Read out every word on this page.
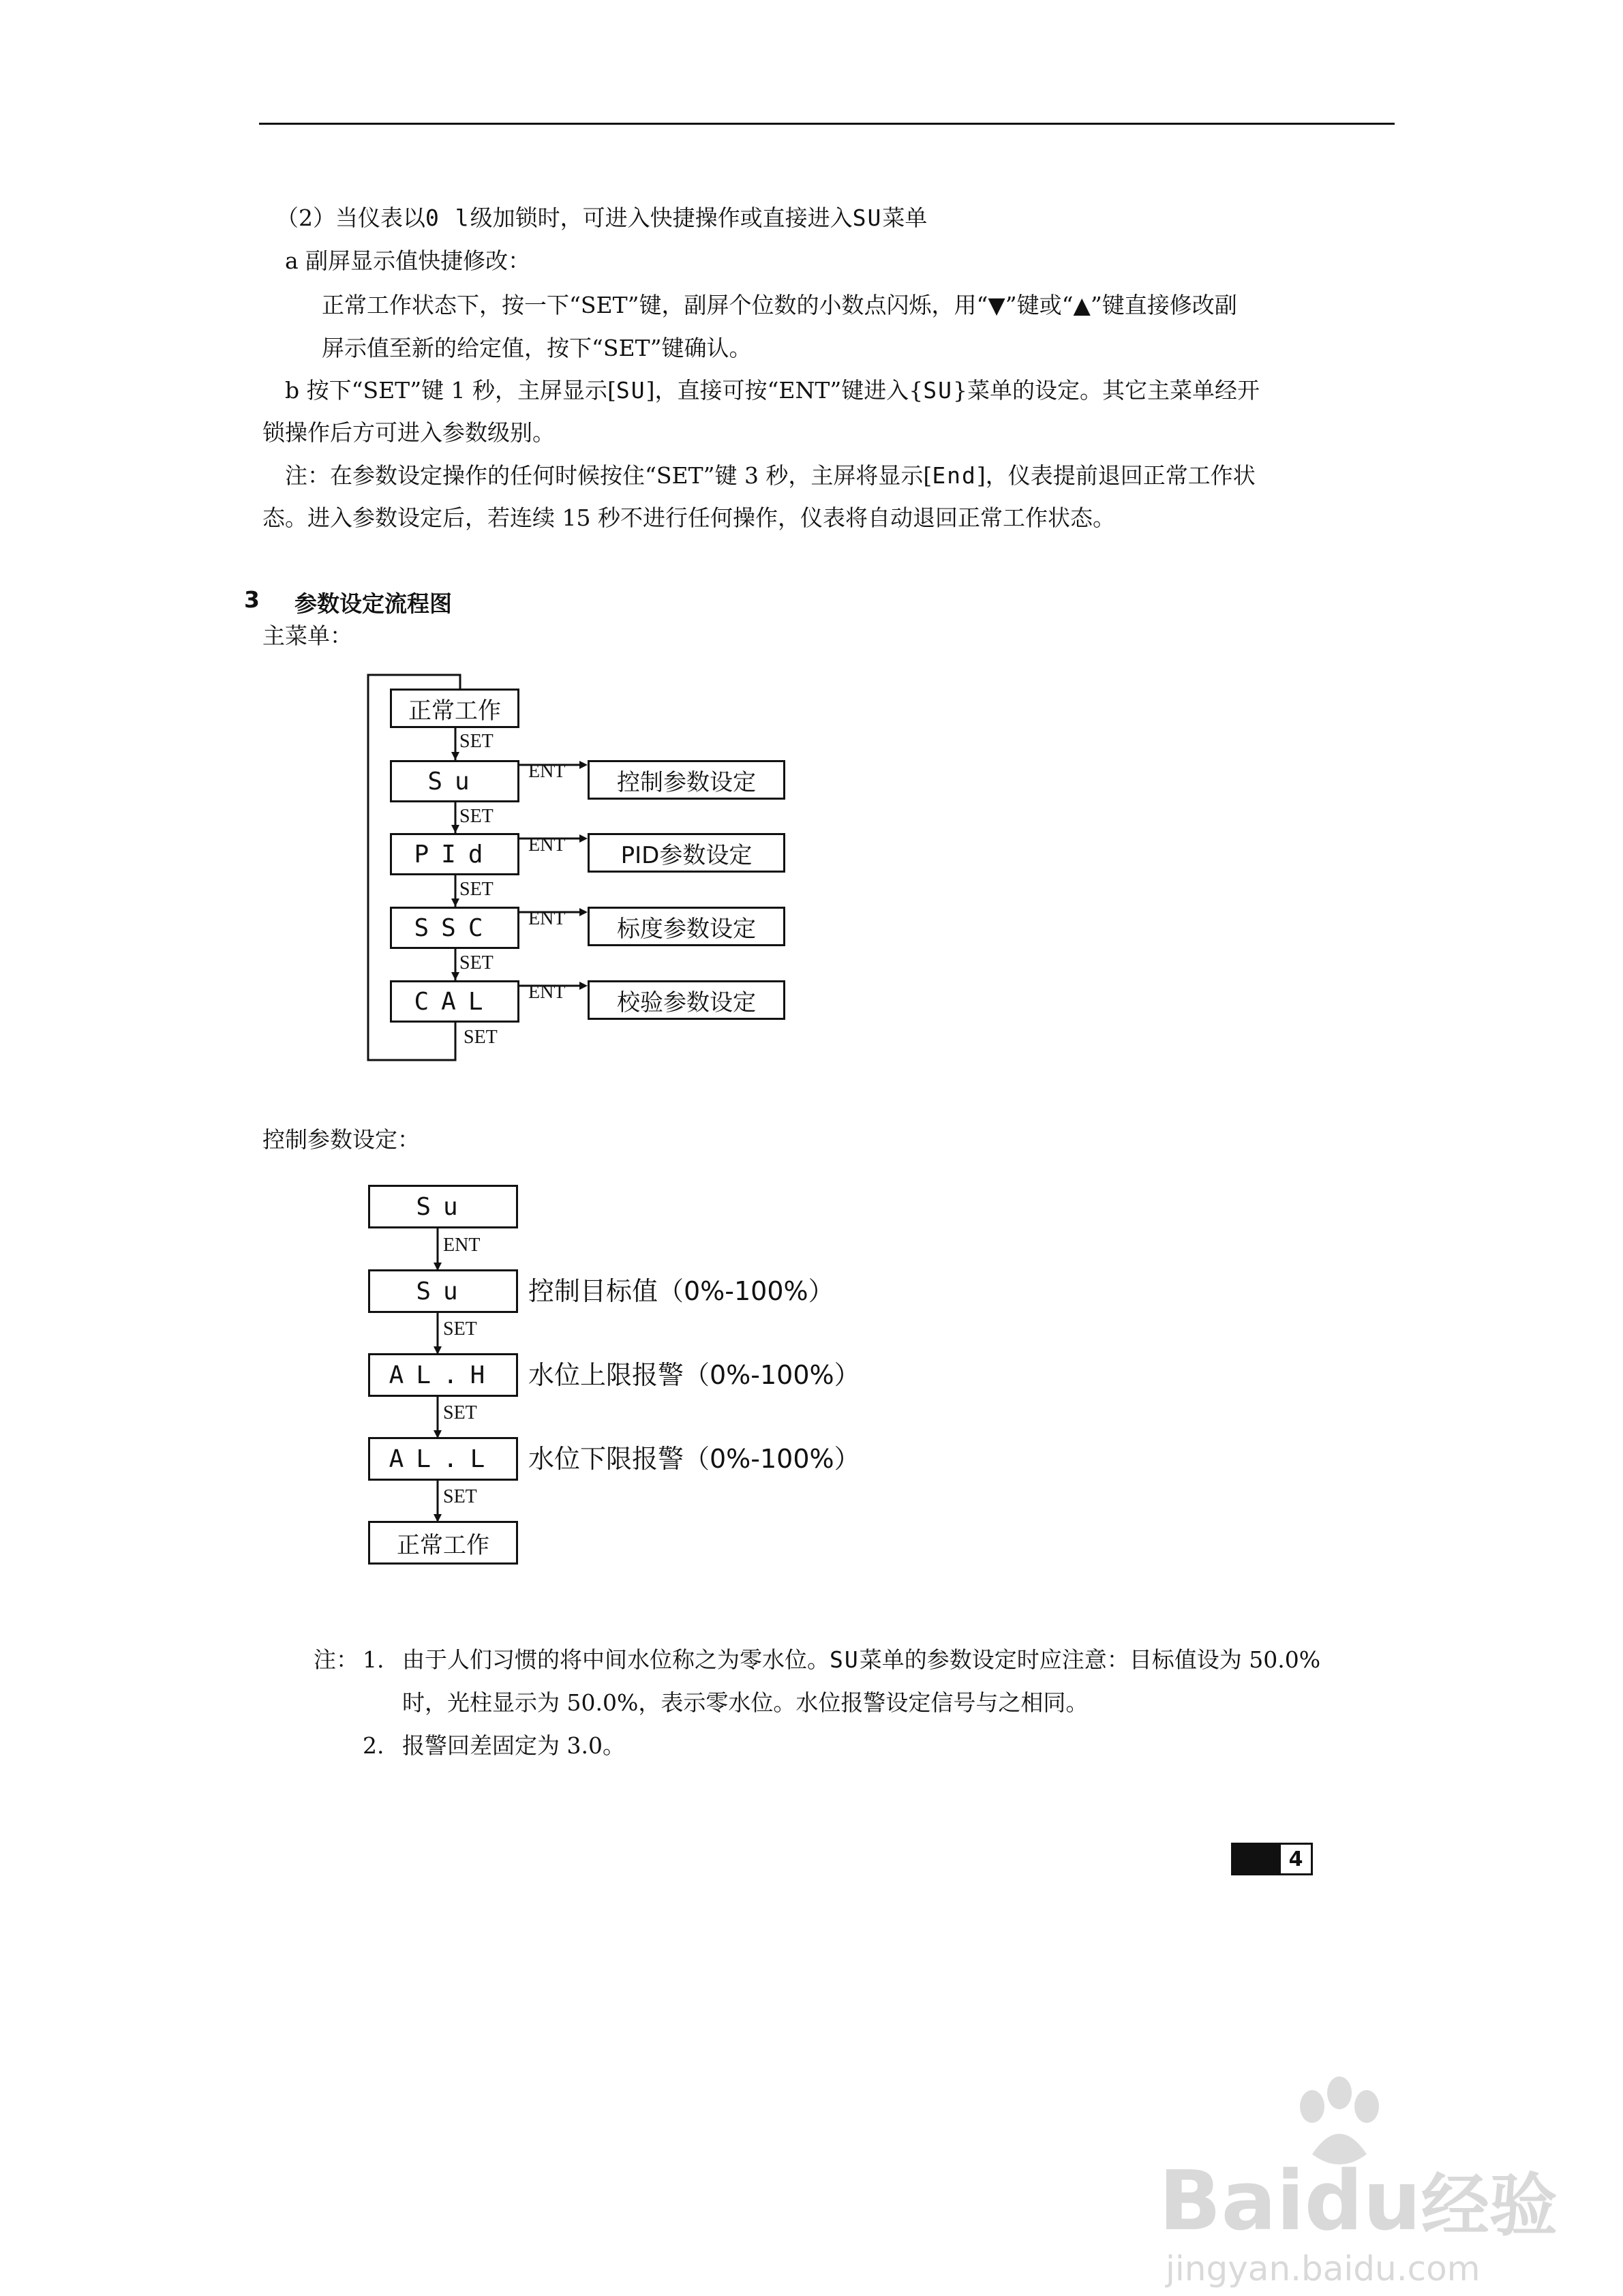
（2）当仪表以0 l级加锁时，可进入快捷操作或直接进入SU菜单
a 副屏显示值快捷修改：
正常工作状态下，按一下“SET”键，副屏个位数的小数点闪烁，用“▼”键或“▲”键直接修改副
屏示值至新的给定值，按下“SET”键确认。
b 按下“SET”键 1 秒，主屏显示[SU]，直接可按“ENT”键进入{SU}菜单的设定。其它主菜单经开
锁操作后方可进入参数级别。
注：在参数设定操作的任何时候按住“SET”键 3 秒，主屏将显示[End]，仪表提前退回正常工作状
态。进入参数设定后，若连续 15 秒不进行任何操作，仪表将自动退回正常工作状态。
3 参数设定流程图
主菜单：
正常工作
Su
PId
SSC
CAL
控制参数设定
PID参数设定
标度参数设定
校验参数设定
SET
SET
SET
SET
SET
ENT
ENT
ENT
ENT
控制参数设定：
Su
Su
AL.H
AL.L
正常工作
ENT
SET
SET
SET
控制目标值（0%-100%）
水位上限报警（0%-100%）
水位下限报警（0%-100%）
注： 1. 由于人们习惯的将中间水位称之为零水位。SU菜单的参数设定时应注意：目标值设为 50.0%
时，光柱显示为 50.0%，表示零水位。水位报警设定信号与之相同。
2. 报警回差固定为 3.0。
4
Baidu经验
jingyan.baidu.com
